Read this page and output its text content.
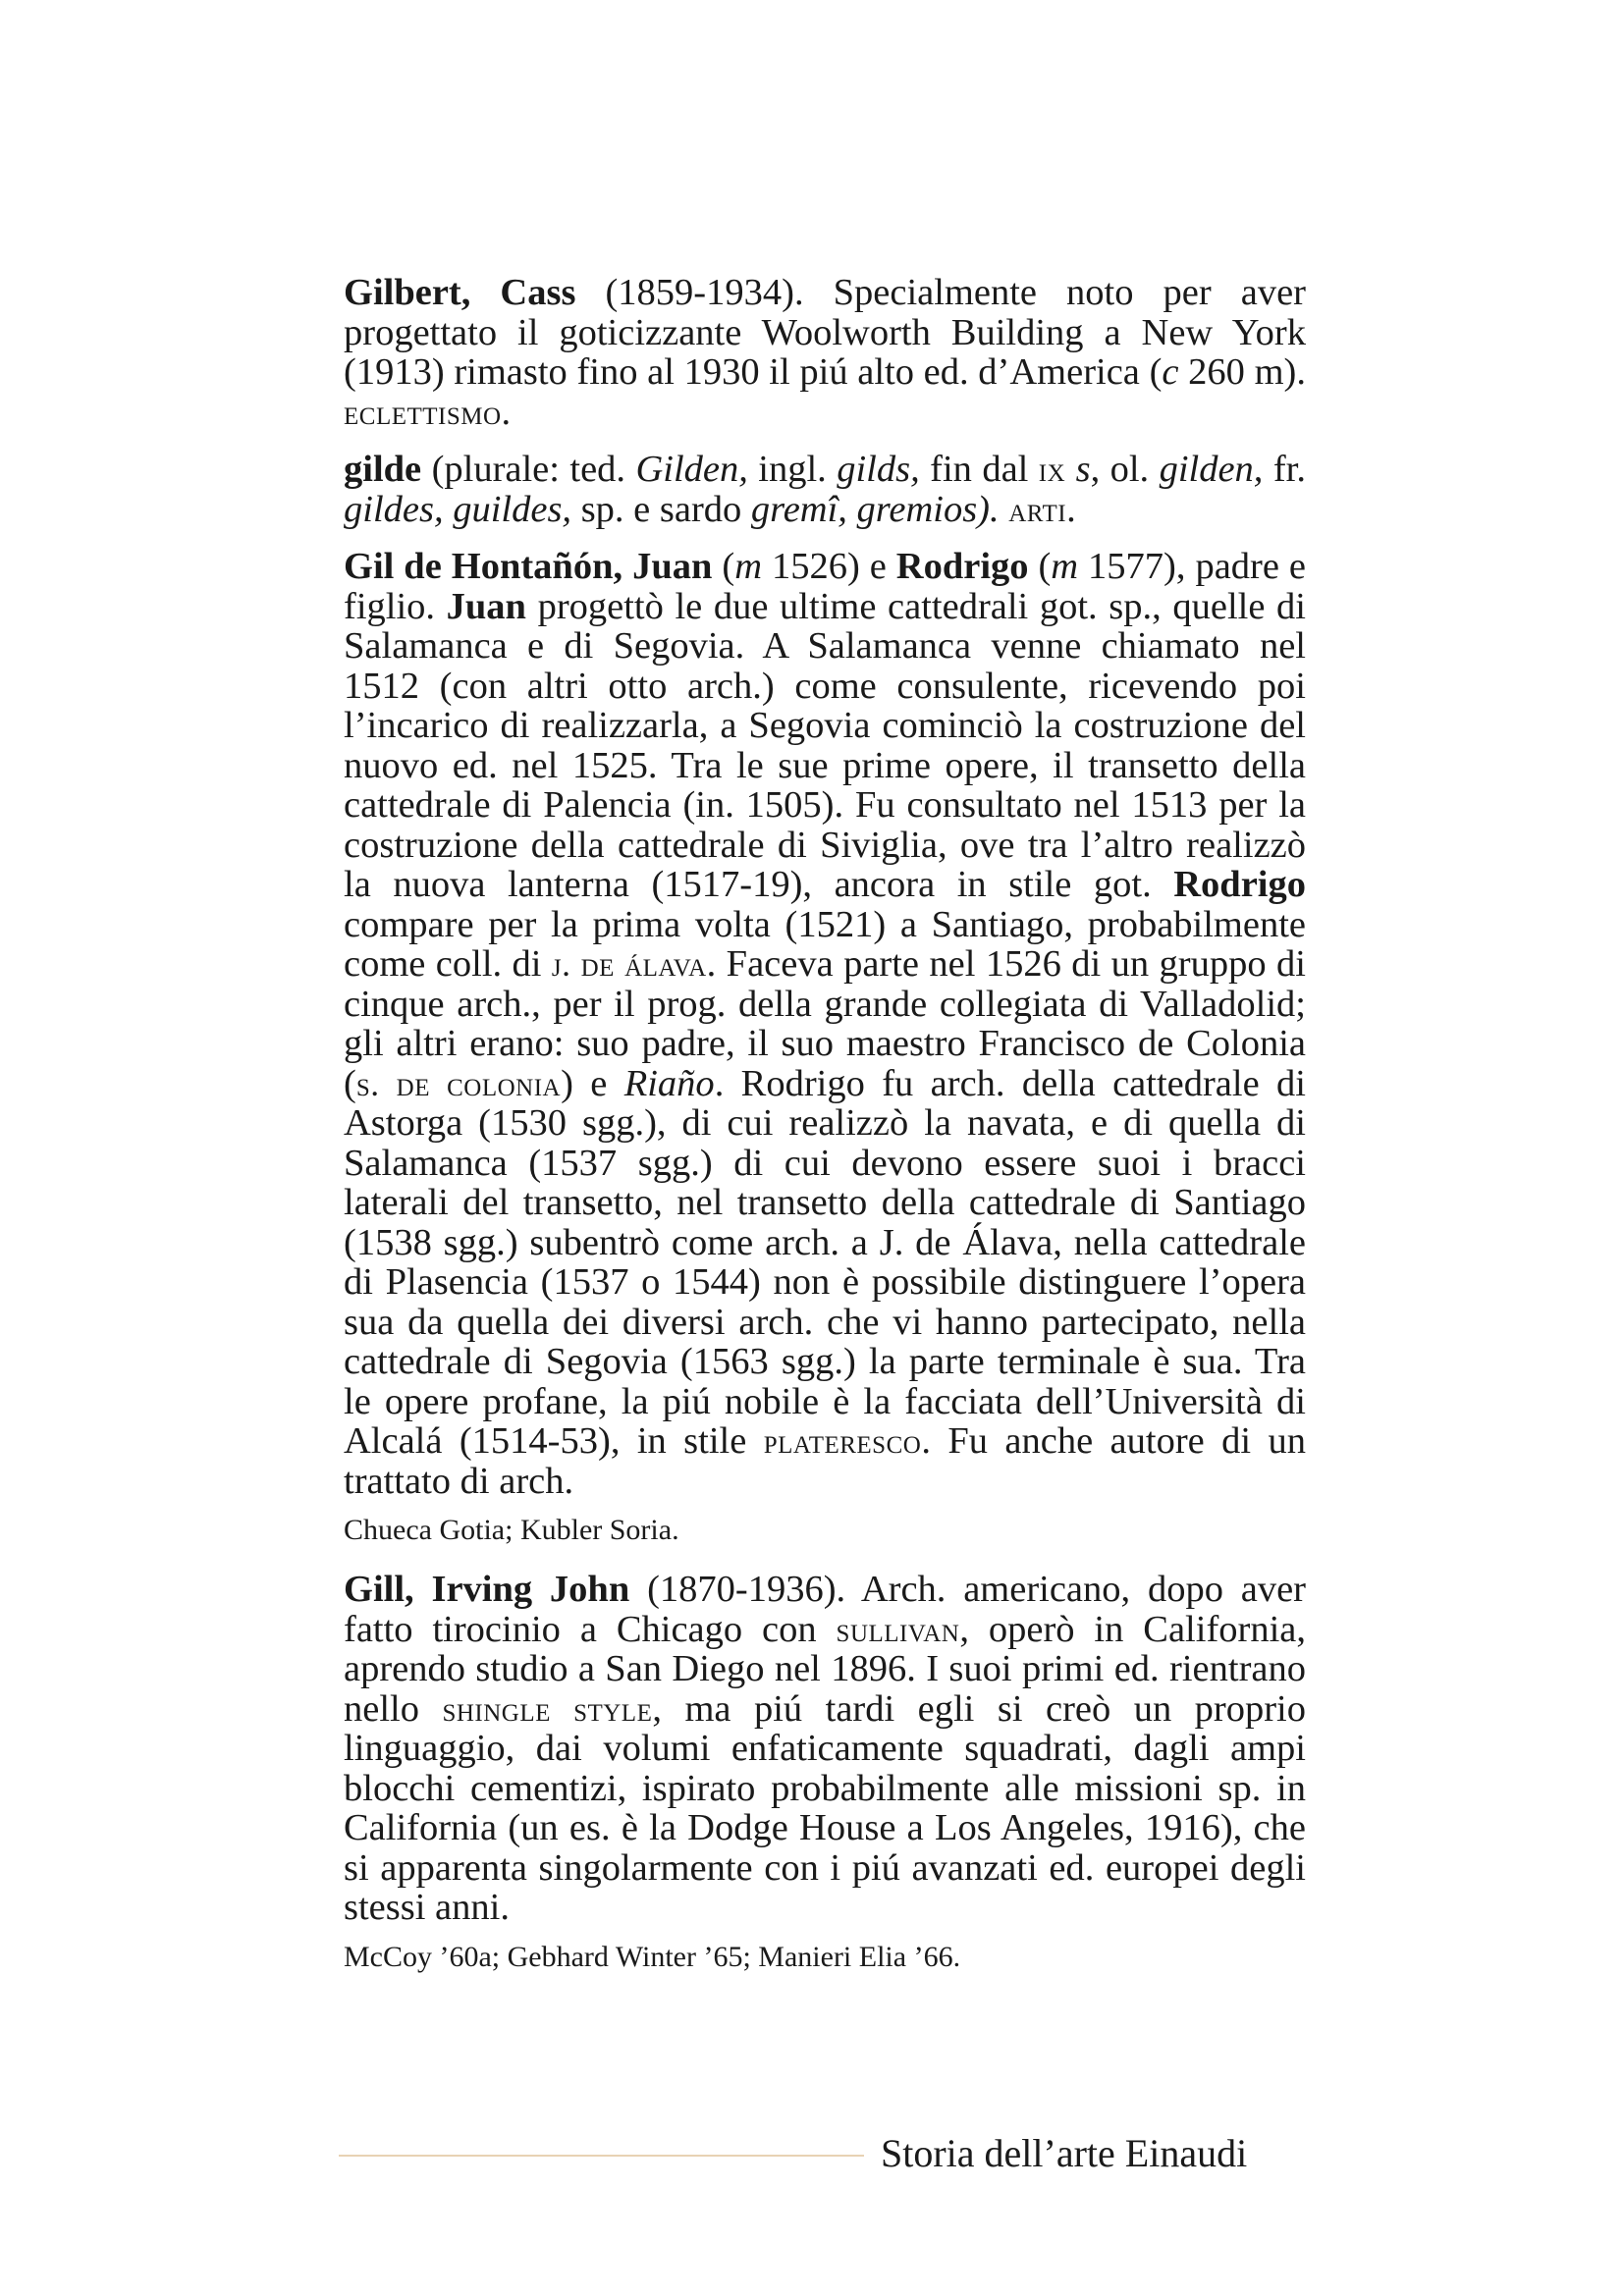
Gilbert, Cass (1859-1934). Specialmente noto per aver progettato il goticizzante Woolworth Building a New York (1913) rimasto fino al 1930 il piú alto ed. d’America (c 260 m). eclettismo.

gilde (plurale: ted. Gilden, ingl. gilds, fin dal ix s, ol. gilden, fr. gildes, guildes, sp. e sardo gremî, gremios). arti.

Gil de Hontañón, Juan (m 1526) e Rodrigo (m 1577), padre e figlio. Juan progettò le due ultime cattedrali got. sp., quelle di Salamanca e di Segovia. A Salamanca venne chiamato nel 1512 (con altri otto arch.) come consulente, ricevendo poi l’incarico di realizzarla, a Segovia cominciò la costruzione del nuovo ed. nel 1525. Tra le sue prime opere, il transetto della cattedrale di Palencia (in. 1505). Fu consultato nel 1513 per la costruzione della cattedrale di Siviglia, ove tra l’altro realizzò la nuova lanterna (1517-19), ancora in stile got. Rodrigo compare per la prima volta (1521) a Santiago, probabilmente come coll. di j. de álava. Faceva parte nel 1526 di un gruppo di cinque arch., per il prog. della grande collegiata di Valladolid; gli altri erano: suo padre, il suo maestro Francisco de Colonia (s. de colonia) e Riaño. Rodrigo fu arch. della cattedrale di Astorga (1530 sgg.), di cui realizzò la navata, e di quella di Salamanca (1537 sgg.) di cui devono essere suoi i bracci laterali del transetto, nel transetto della cattedrale di Santiago (1538 sgg.) subentrò come arch. a J. de Álava, nella cattedrale di Plasencia (1537 o 1544) non è possibile distinguere l’opera sua da quella dei diversi arch. che vi hanno partecipato, nella cattedrale di Segovia (1563 sgg.) la parte terminale è sua. Tra le opere profane, la piú nobile è la facciata dell’Università di Alcalá (1514-53), in stile plateresco. Fu anche autore di un trattato di arch.

Chueca Gotia; Kubler Soria.

Gill, Irving John (1870-1936). Arch. americano, dopo aver fatto tirocinio a Chicago con sullivan, operò in California, aprendo studio a San Diego nel 1896. I suoi primi ed. rientrano nello shingle style, ma piú tardi egli si creò un proprio linguaggio, dai volumi enfaticamente squadrati, dagli ampi blocchi cementizi, ispirato probabilmente alle missioni sp. in California (un es. è la Dodge House a Los Angeles, 1916), che si apparenta singolarmente con i piú avanzati ed. europei degli stessi anni.

McCoy ’60a; Gebhard Winter ’65; Manieri Elia ’66.

Storia dell’arte Einaudi
